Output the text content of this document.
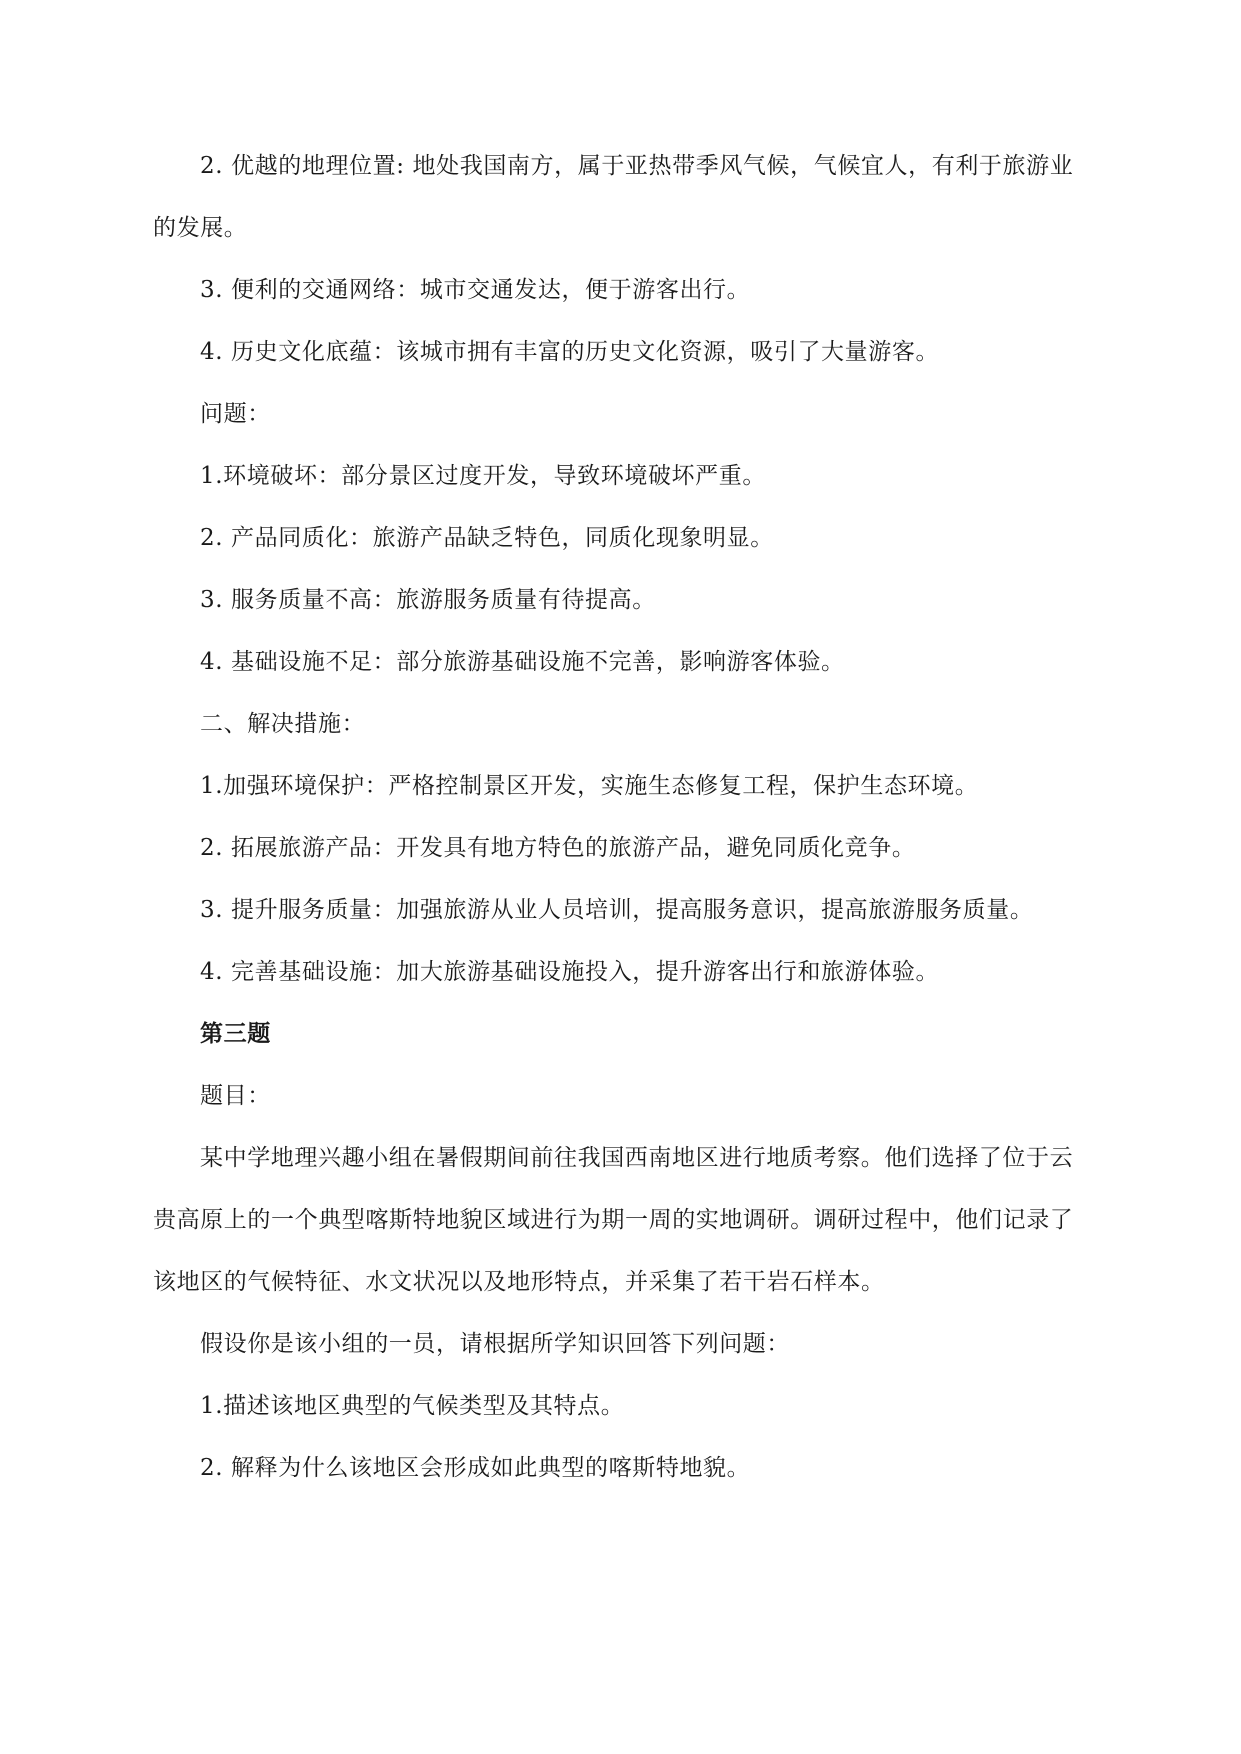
2. 优越的地理位置: 地处我国南方，属于亚热带季风气候，气候宜人，有利于旅游业的发展。

3. 便利的交通网络：城市交通发达，便于游客出行。

4. 历史文化底蕴：该城市拥有丰富的历史文化资源，吸引了大量游客。

问题：

1.环境破坏：部分景区过度开发，导致环境破坏严重。

2. 产品同质化：旅游产品缺乏特色，同质化现象明显。

3. 服务质量不高：旅游服务质量有待提高。

4. 基础设施不足：部分旅游基础设施不完善，影响游客体验。

二、解决措施：

1.加强环境保护：严格控制景区开发，实施生态修复工程，保护生态环境。

2. 拓展旅游产品：开发具有地方特色的旅游产品，避免同质化竞争。

3. 提升服务质量：加强旅游从业人员培训，提高服务意识，提高旅游服务质量。

4. 完善基础设施：加大旅游基础设施投入，提升游客出行和旅游体验。

第三题

题目：

某中学地理兴趣小组在暑假期间前往我国西南地区进行地质考察。他们选择了位于云贵高原上的一个典型喀斯特地貌区域进行为期一周的实地调研。调研过程中，他们记录了该地区的气候特征、水文状况以及地形特点，并采集了若干岩石样本。

假设你是该小组的一员，请根据所学知识回答下列问题：

1.描述该地区典型的气候类型及其特点。

2. 解释为什么该地区会形成如此典型的喀斯特地貌。
